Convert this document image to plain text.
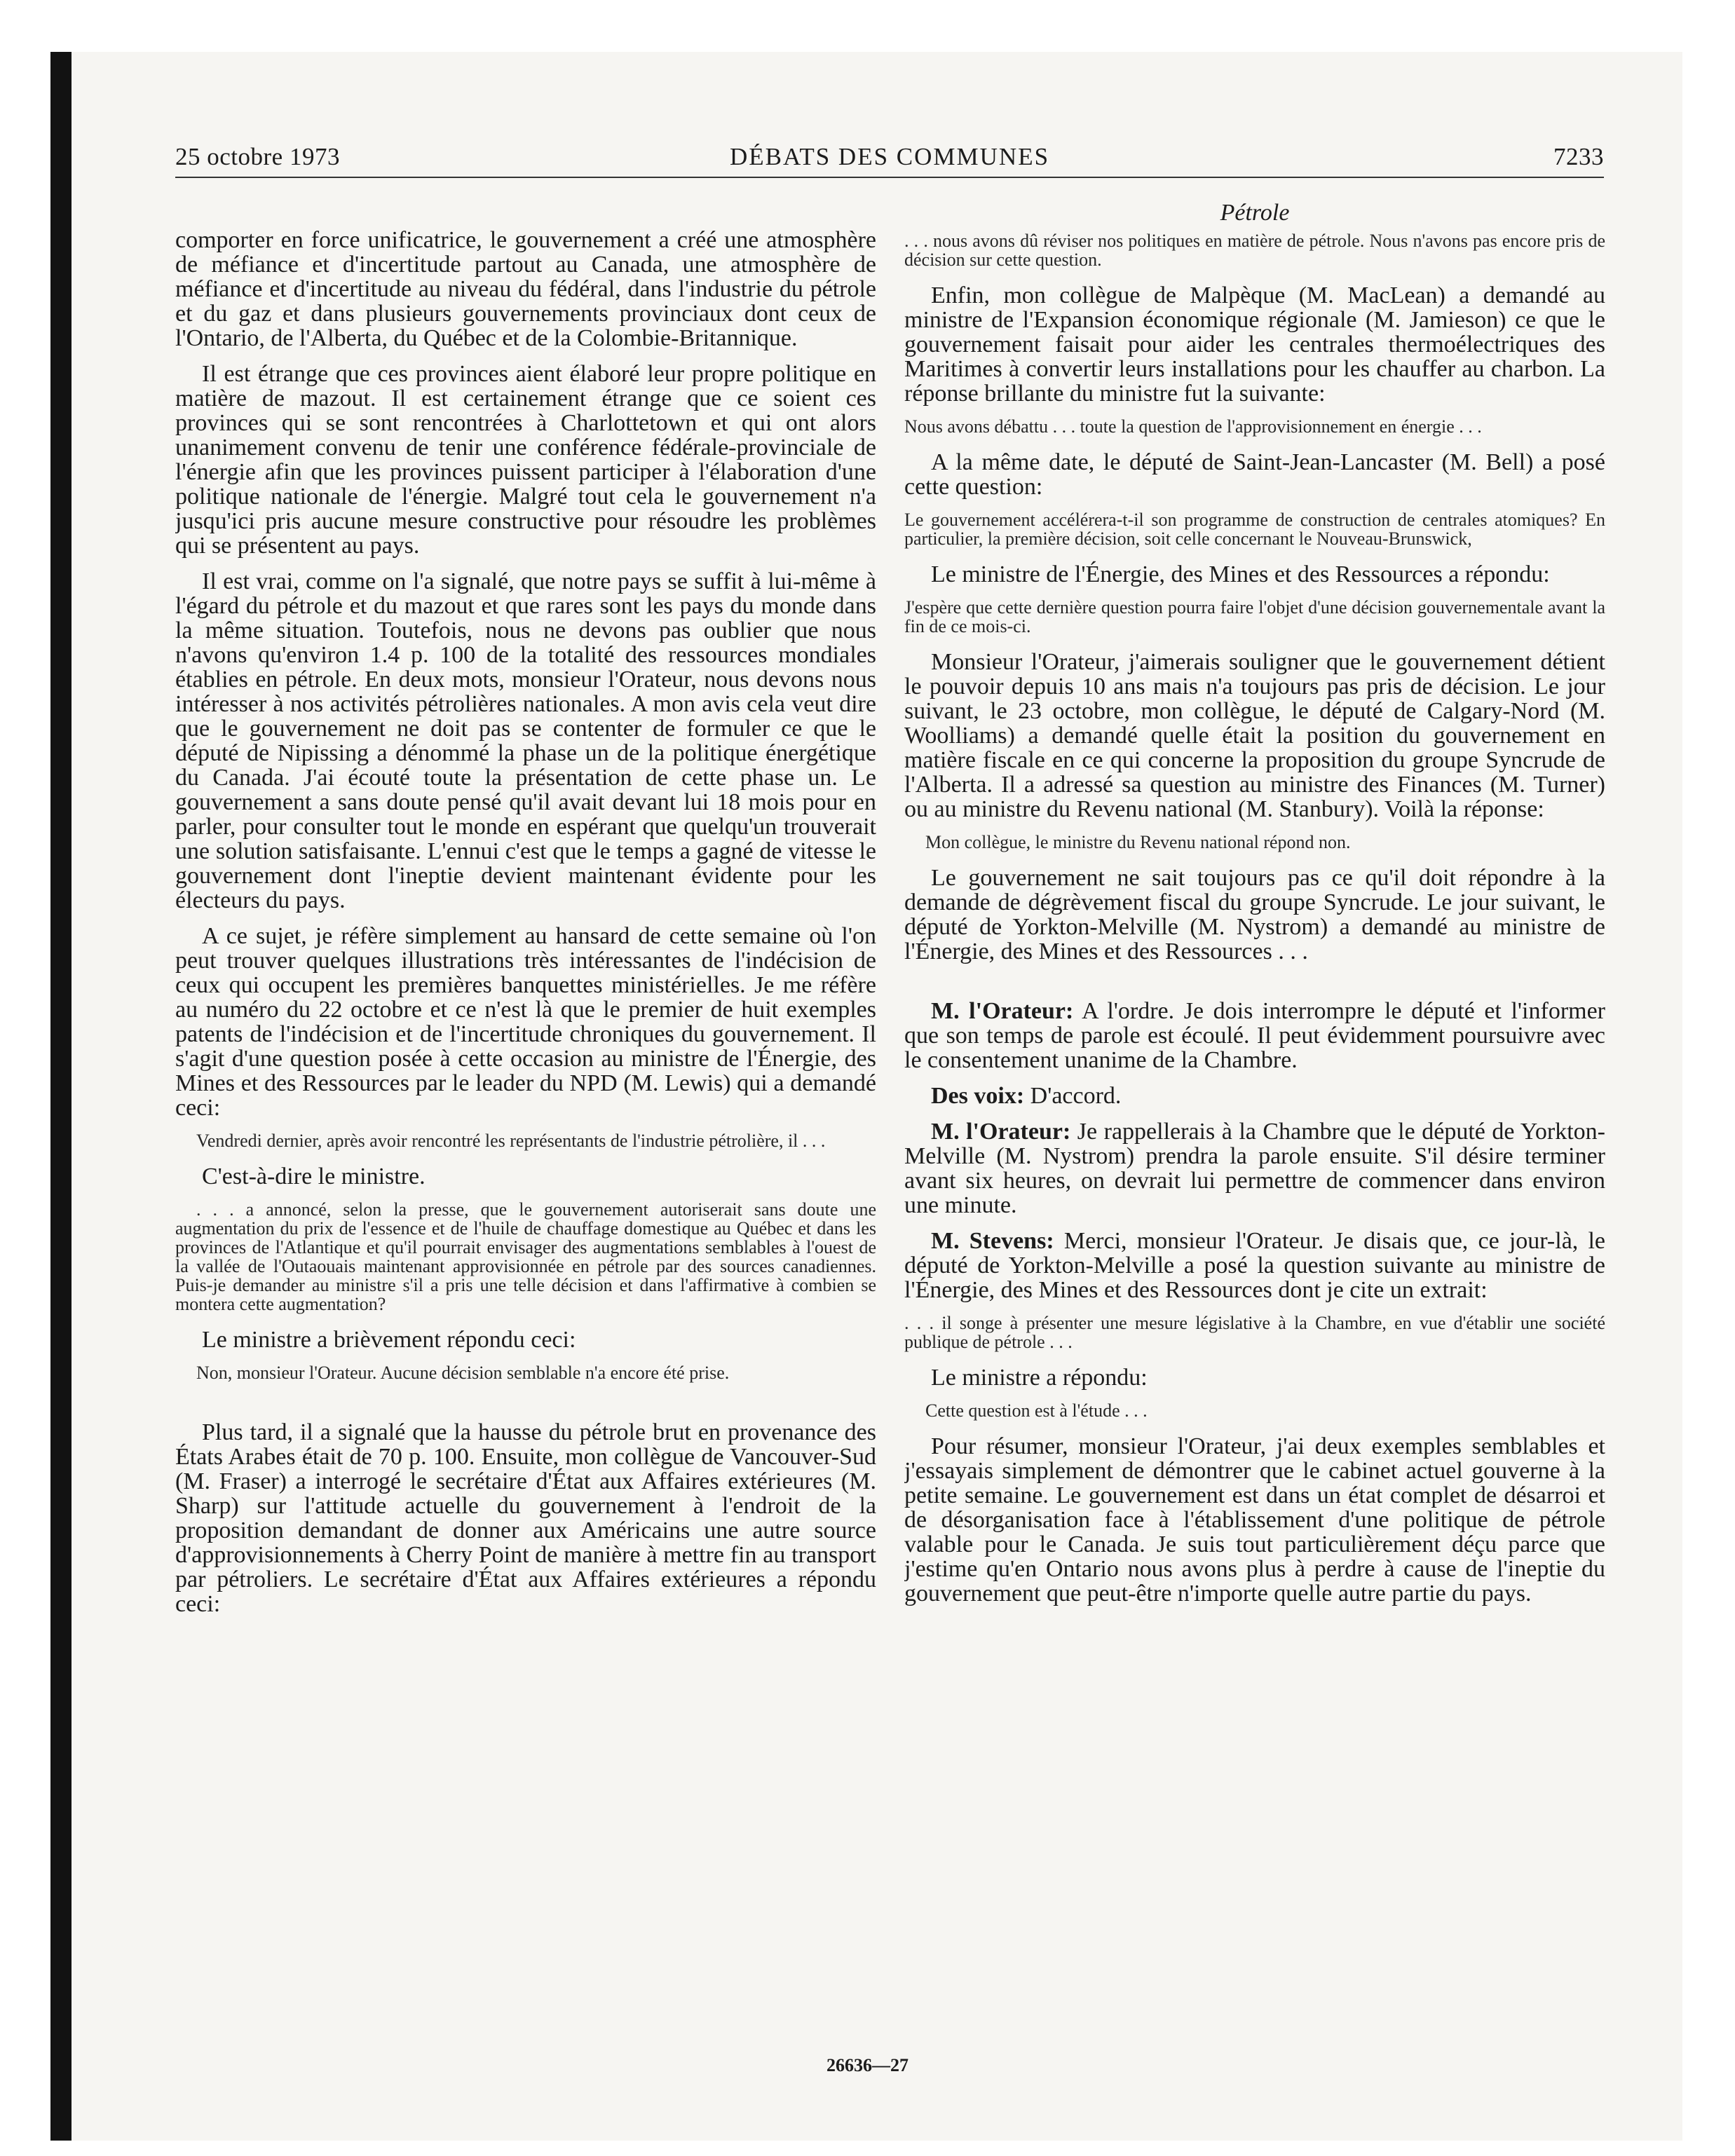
25 octobre 1973	DÉBATS DES COMMUNES	7233

comporter en force unificatrice, le gouvernement a créé une atmosphère de méfiance et d'incertitude partout au Canada, une atmosphère de méfiance et d'incertitude au niveau du fédéral, dans l'industrie du pétrole et du gaz et dans plusieurs gouvernements provinciaux dont ceux de l'Ontario, de l'Alberta, du Québec et de la Colombie-Britannique.

Il est étrange que ces provinces aient élaboré leur propre politique en matière de mazout. Il est certainement étrange que ce soient ces provinces qui se sont rencontrées à Charlottetown et qui ont alors unanimement convenu de tenir une conférence fédérale-provinciale de l'énergie afin que les provinces puissent participer à l'élaboration d'une politique nationale de l'énergie. Malgré tout cela le gouvernement n'a jusqu'ici pris aucune mesure constructive pour résoudre les problèmes qui se présentent au pays.

Il est vrai, comme on l'a signalé, que notre pays se suffit à lui-même à l'égard du pétrole et du mazout et que rares sont les pays du monde dans la même situation. Toutefois, nous ne devons pas oublier que nous n'avons qu'environ 1.4 p. 100 de la totalité des ressources mondiales établies en pétrole. En deux mots, monsieur l'Orateur, nous devons nous intéresser à nos activités pétrolières nationales. A mon avis cela veut dire que le gouvernement ne doit pas se contenter de formuler ce que le député de Nipissing a dénommé la phase un de la politique énergétique du Canada. J'ai écouté toute la présentation de cette phase un. Le gouvernement a sans doute pensé qu'il avait devant lui 18 mois pour en parler, pour consulter tout le monde en espérant que quelqu'un trouverait une solution satisfaisante. L'ennui c'est que le temps a gagné de vitesse le gouvernement dont l'ineptie devient maintenant évidente pour les électeurs du pays.

A ce sujet, je réfère simplement au hansard de cette semaine où l'on peut trouver quelques illustrations très intéressantes de l'indécision de ceux qui occupent les premières banquettes ministérielles. Je me réfère au numéro du 22 octobre et ce n'est là que le premier de huit exemples patents de l'indécision et de l'incertitude chroniques du gouvernement. Il s'agit d'une question posée à cette occasion au ministre de l'Énergie, des Mines et des Ressources par le leader du NPD (M. Lewis) qui a demandé ceci:

Vendredi dernier, après avoir rencontré les représentants de l'industrie pétrolière, il . . .

C'est-à-dire le ministre.

. . . a annoncé, selon la presse, que le gouvernement autoriserait sans doute une augmentation du prix de l'essence et de l'huile de chauffage domestique au Québec et dans les provinces de l'Atlantique et qu'il pourrait envisager des augmentations semblables à l'ouest de la vallée de l'Outaouais maintenant approvisionnée en pétrole par des sources canadiennes. Puis-je demander au ministre s'il a pris une telle décision et dans l'affirmative à combien se montera cette augmentation?

Le ministre a brièvement répondu ceci:

Non, monsieur l'Orateur. Aucune décision semblable n'a encore été prise.

Plus tard, il a signalé que la hausse du pétrole brut en provenance des États Arabes était de 70 p. 100. Ensuite, mon collègue de Vancouver-Sud (M. Fraser) a interrogé le secrétaire d'État aux Affaires extérieures (M. Sharp) sur l'attitude actuelle du gouvernement à l'endroit de la proposition demandant de donner aux Américains une autre source d'approvisionnements à Cherry Point de manière à mettre fin au transport par pétroliers. Le secrétaire d'État aux Affaires extérieures a répondu ceci:

Pétrole

. . . nous avons dû réviser nos politiques en matière de pétrole. Nous n'avons pas encore pris de décision sur cette question.

Enfin, mon collègue de Malpèque (M. MacLean) a demandé au ministre de l'Expansion économique régionale (M. Jamieson) ce que le gouvernement faisait pour aider les centrales thermoélectriques des Maritimes à convertir leurs installations pour les chauffer au charbon. La réponse brillante du ministre fut la suivante:

Nous avons débattu . . . toute la question de l'approvisionnement en énergie . . .

A la même date, le député de Saint-Jean-Lancaster (M. Bell) a posé cette question:

Le gouvernement accélérera-t-il son programme de construction de centrales atomiques? En particulier, la première décision, soit celle concernant le Nouveau-Brunswick,

Le ministre de l'Énergie, des Mines et des Ressources a répondu:

J'espère que cette dernière question pourra faire l'objet d'une décision gouvernementale avant la fin de ce mois-ci.

Monsieur l'Orateur, j'aimerais souligner que le gouvernement détient le pouvoir depuis 10 ans mais n'a toujours pas pris de décision. Le jour suivant, le 23 octobre, mon collègue, le député de Calgary-Nord (M. Woolliams) a demandé quelle était la position du gouvernement en matière fiscale en ce qui concerne la proposition du groupe Syncrude de l'Alberta. Il a adressé sa question au ministre des Finances (M. Turner) ou au ministre du Revenu national (M. Stanbury). Voilà la réponse:

Mon collègue, le ministre du Revenu national répond non.

Le gouvernement ne sait toujours pas ce qu'il doit répondre à la demande de dégrèvement fiscal du groupe Syncrude. Le jour suivant, le député de Yorkton-Melville (M. Nystrom) a demandé au ministre de l'Énergie, des Mines et des Ressources . . .

M. l'Orateur: A l'ordre. Je dois interrompre le député et l'informer que son temps de parole est écoulé. Il peut évidemment poursuivre avec le consentement unanime de la Chambre.

Des voix: D'accord.

M. l'Orateur: Je rappellerais à la Chambre que le député de Yorkton-Melville (M. Nystrom) prendra la parole ensuite. S'il désire terminer avant six heures, on devrait lui permettre de commencer dans environ une minute.

M. Stevens: Merci, monsieur l'Orateur. Je disais que, ce jour-là, le député de Yorkton-Melville a posé la question suivante au ministre de l'Énergie, des Mines et des Ressources dont je cite un extrait:

. . . il songe à présenter une mesure législative à la Chambre, en vue d'établir une société publique de pétrole . . .

Le ministre a répondu:

Cette question est à l'étude . . .

Pour résumer, monsieur l'Orateur, j'ai deux exemples semblables et j'essayais simplement de démontrer que le cabinet actuel gouverne à la petite semaine. Le gouvernement est dans un état complet de désarroi et de désorganisation face à l'établissement d'une politique de pétrole valable pour le Canada. Je suis tout particulièrement déçu parce que j'estime qu'en Ontario nous avons plus à perdre à cause de l'ineptie du gouvernement que peut-être n'importe quelle autre partie du pays.

26636—27
